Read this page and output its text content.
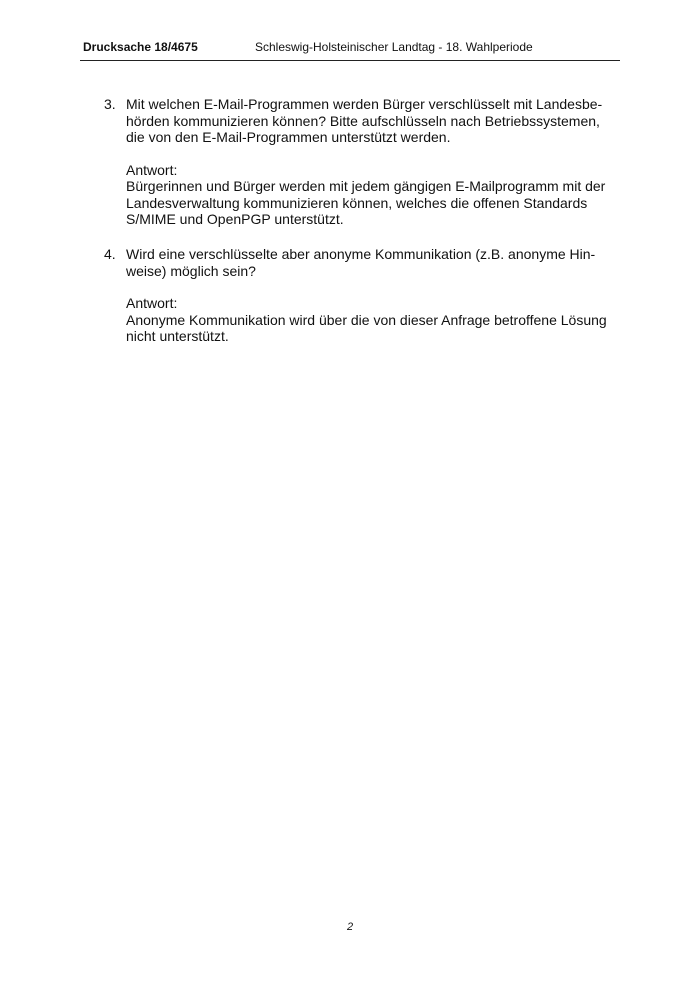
Drucksache 18/4675	Schleswig-Holsteinischer Landtag - 18. Wahlperiode
3. Mit welchen E-Mail-Programmen werden Bürger verschlüsselt mit Landesbe-
hörden kommunizieren können? Bitte aufschlüsseln nach Betriebssystemen,
die von den E-Mail-Programmen unterstützt werden.
Antwort:
Bürgerinnen und Bürger werden mit jedem gängigen E-Mailprogramm mit der
Landesverwaltung kommunizieren können, welches die offenen Standards
S/MIME und OpenPGP unterstützt.
4. Wird eine verschlüsselte aber anonyme Kommunikation (z.B. anonyme Hin-
weise) möglich sein?
Antwort:
Anonyme Kommunikation wird über die von dieser Anfrage betroffene Lösung
nicht unterstützt.
2
